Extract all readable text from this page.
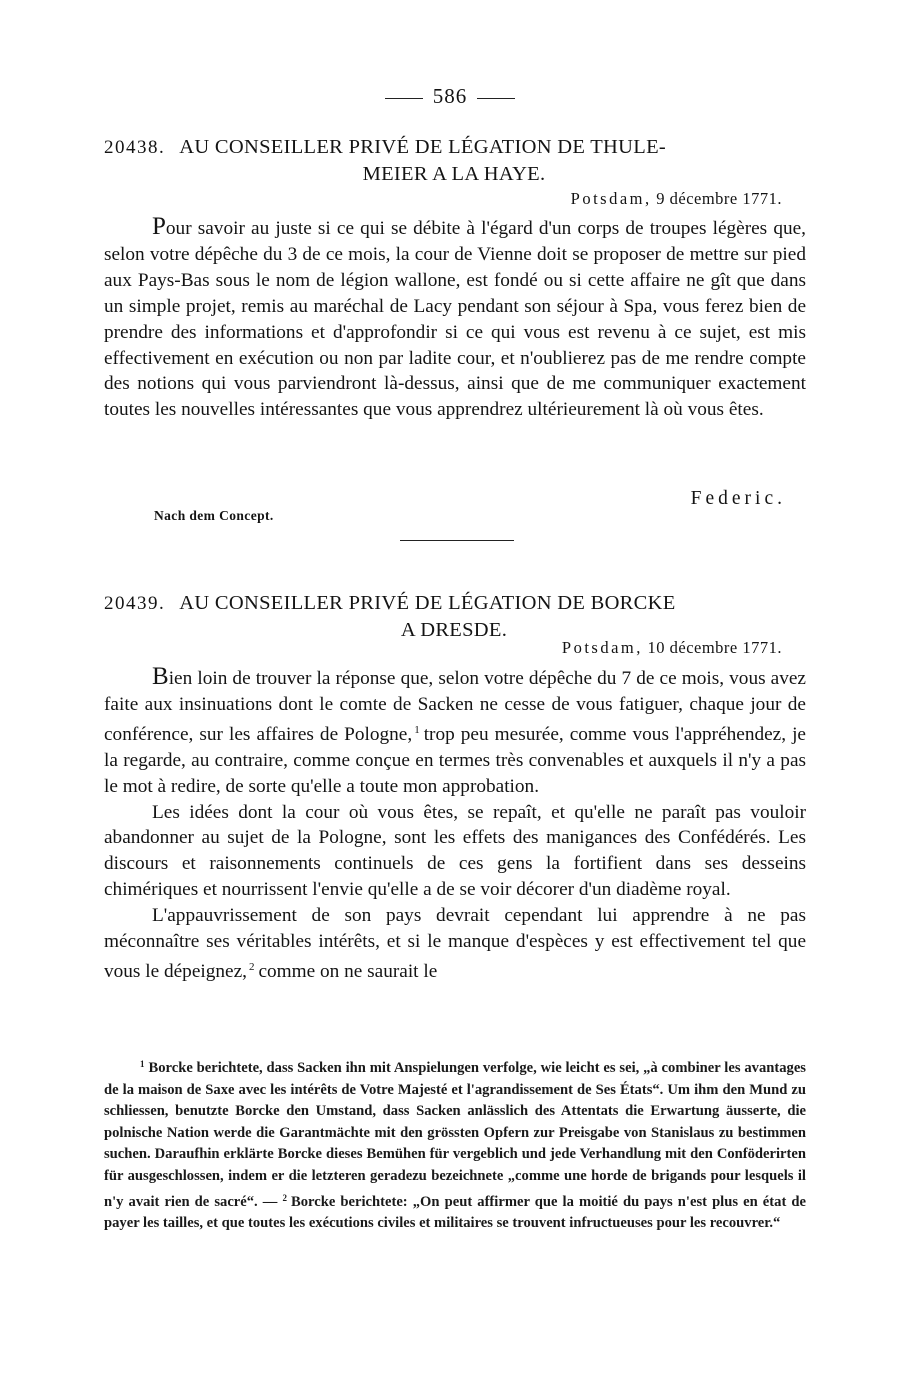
586
20438. AU CONSEILLER PRIVÉ DE LÉGATION DE THULE-
MEIER A LA HAYE.
Potsdam, 9 décembre 1771.

Pour savoir au juste si ce qui se débite à l'égard d'un corps de troupes légères que, selon votre dépêche du 3 de ce mois, la cour de Vienne doit se proposer de mettre sur pied aux Pays-Bas sous le nom de légion wallone, est fondé ou si cette affaire ne gît que dans un simple projet, remis au maréchal de Lacy pendant son séjour à Spa, vous ferez bien de prendre des informations et d'approfondir si ce qui vous est revenu à ce sujet, est mis effectivement en exécution ou non par ladite cour, et n'oublierez pas de me rendre compte des notions qui vous parviendront là-dessus, ainsi que de me communiquer exactement toutes les nouvelles intéressantes que vous apprendrez ultérieurement là où vous êtes.

Federic.
Nach dem Concept.
20439. AU CONSEILLER PRIVÉ DE LÉGATION DE BORCKE
A DRESDE.
Potsdam, 10 décembre 1771.

Bien loin de trouver la réponse que, selon votre dépêche du 7 de ce mois, vous avez faite aux insinuations dont le comte de Sacken ne cesse de vous fatiguer, chaque jour de conférence, sur les affaires de Pologne, $^1$ trop peu mesurée, comme vous l'appréhendez, je la regarde, au contraire, comme conçue en termes très convenables et auxquels il n'y a pas le mot à redire, de sorte qu'elle a toute mon approbation.

Les idées dont la cour où vous êtes, se repaît, et qu'elle ne paraît pas vouloir abandonner au sujet de la Pologne, sont les effets des manigances des Confédérés. Les discours et raisonnements continuels de ces gens la fortifient dans ses desseins chimériques et nourrissent l'envie qu'elle a de se voir décorer d'un diadème royal.

L'appauvrissement de son pays devrait cependant lui apprendre à ne pas méconnaître ses véritables intérêts, et si le manque d'espèces y est effectivement tel que vous le dépeignez, $^2$ comme on ne saurait le

$^1$ Borcke berichtete, dass Sacken ihn mit Anspielungen verfolge, wie leicht es sei, „à combiner les avantages de la maison de Saxe avec les intérêts de Votre Majesté et l'agrandissement de Ses États“. Um ihm den Mund zu schliessen, benutzte Borcke den Umstand, dass Sacken anlässlich des Attentats die Erwartung äusserte, die polnische Nation werde die Garantmächte mit den grössten Opfern zur Preisgabe von Stanislaus zu bestimmen suchen. Daraufhin erklärte Borcke dieses Bemühen für vergeblich und jede Verhandlung mit den Conföderirten für ausgeschlossen, indem er die letzteren geradezu bezeichnete „comme une horde de brigands pour lesquels il n'y avait rien de sacré“. — $^2$ Borcke berichtete: „On peut affirmer que la moitié du pays n'est plus en état de payer les tailles, et que toutes les exécutions civiles et militaires se trouvent infructueuses pour les recouvrer.“
